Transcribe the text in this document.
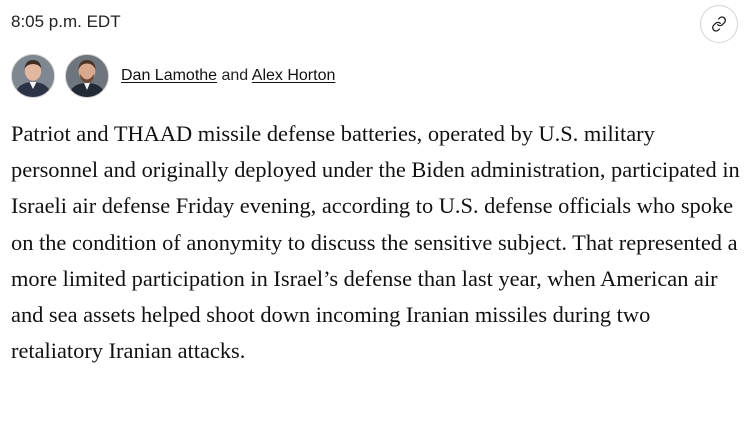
8:05 p.m. EDT
Dan Lamothe and Alex Horton

Patriot and THAAD missile defense batteries, operated by U.S. military personnel and originally deployed under the Biden administration, participated in Israeli air defense Friday evening, according to U.S. defense officials who spoke on the condition of anonymity to discuss the sensitive subject. That represented a more limited participation in Israel’s defense than last year, when American air and sea assets helped shoot down incoming Iranian missiles during two retaliatory Iranian attacks.
